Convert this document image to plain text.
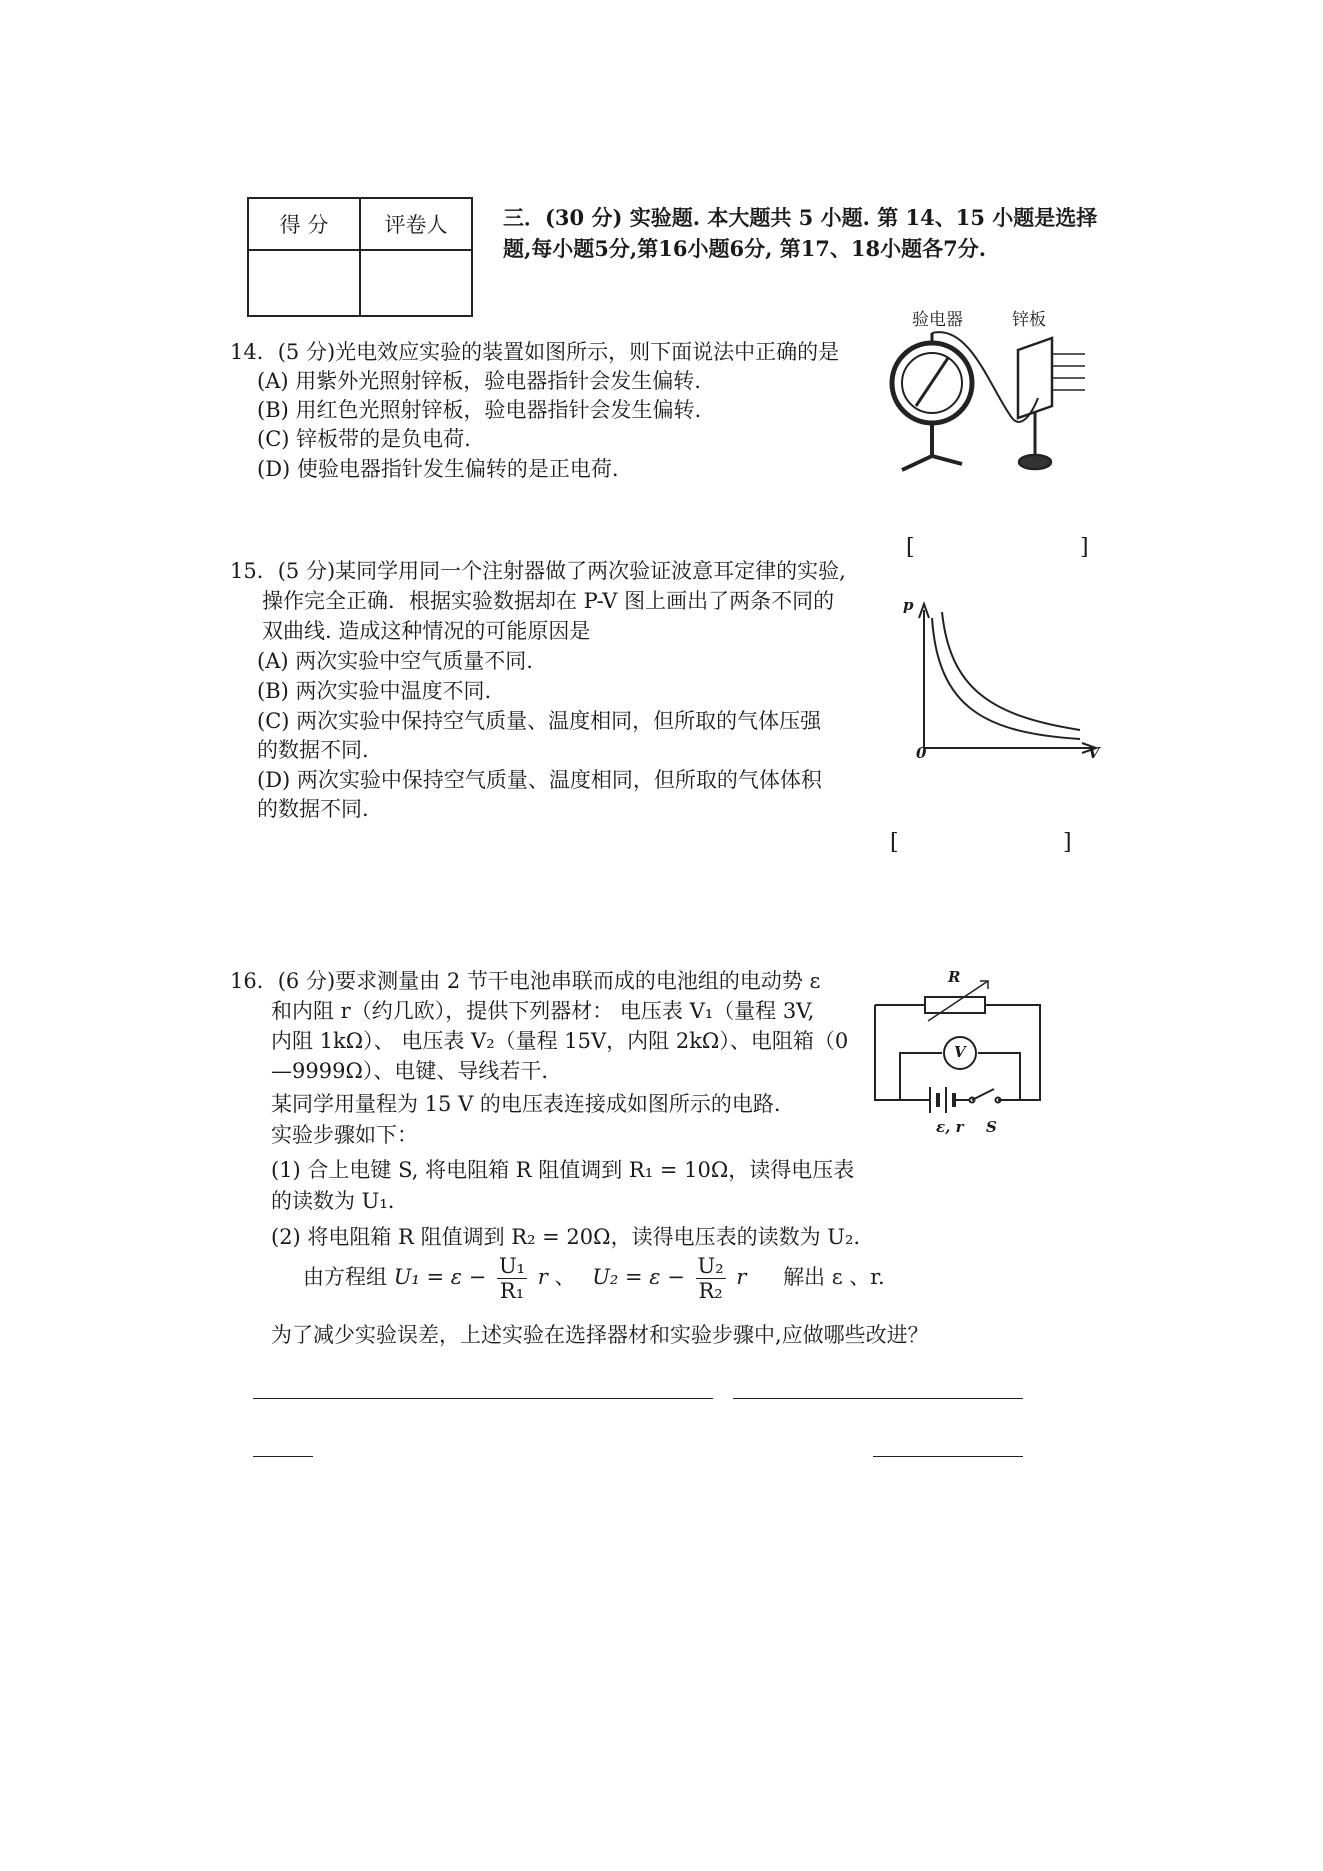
得 分	评卷人
		三．(30 分) 实验题. 本大题共 5 小题. 第 14、15 小题是选择
题,每小题5分,第16小题6分, 第17、18小题各7分.
14．(5 分)光电效应实验的装置如图所示，则下面说法中正确的是
(A) 用紫外光照射锌板，验电器指针会发生偏转.
(B) 用红色光照射锌板，验电器指针会发生偏转.
(C) 锌板带的是负电荷.
(D) 使验电器指针发生偏转的是正电荷.
验电器	锌板
[	]
15．(5 分)某同学用同一个注射器做了两次验证波意耳定律的实验,
操作完全正确．根据实验数据却在 P-V 图上画出了两条不同的
双曲线. 造成这种情况的可能原因是
(A) 两次实验中空气质量不同.
(B) 两次实验中温度不同.
(C) 两次实验中保持空气质量、温度相同，但所取的气体压强
的数据不同.
(D) 两次实验中保持空气质量、温度相同，但所取的气体体积
的数据不同.
p
V
0
[	]
16．(6 分)要求测量由 2 节干电池串联而成的电池组的电动势 ε
和内阻 r（约几欧），提供下列器材： 电压表 V₁（量程 3V,
内阻 1kΩ）、 电压表 V₂（量程 15V，内阻 2kΩ）、电阻箱（0
—9999Ω）、电键、导线若干．
某同学用量程为 15 V 的电压表连接成如图所示的电路.
实验步骤如下：
(1) 合上电键 S, 将电阻箱 R 阻值调到 R₁ = 10Ω，读得电压表
的读数为 U₁.
(2) 将电阻箱 R 阻值调到 R₂ = 20Ω，读得电压表的读数为 U₂.
由方程组 $U_1 = \varepsilon - \frac{\text{U₁}}{\text{R₁}}$ r 、 $U_2 = \varepsilon - \frac{\text{U₂}}{\text{R₂}}$ r 解出 ε 、r.
为了减少实验误差，上述实验在选择器材和实验步骤中,应做哪些改进？
R
V
ε, r S
